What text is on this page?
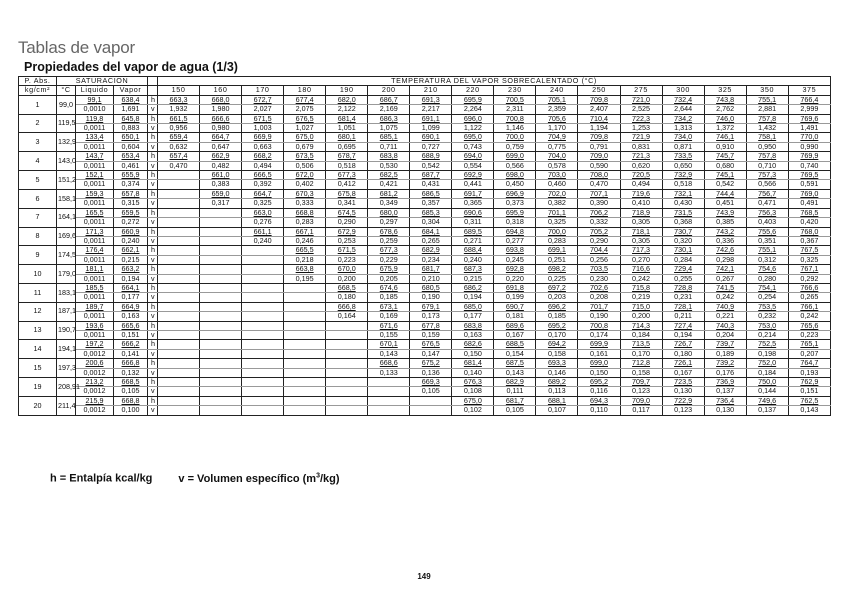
Tablas de vapor
Propiedades del vapor de agua (1/3)
P. Abs.	SATURACION				TEMPERATURA DEL VAPOR SOBRECALENTADO (°C)															
kg/cm²	°C	Liquido	Vapor		150	160	170	180	190	200	210	220	230	240	250	275	300	325	350	375
1	99,0	99,1	638,4	h	663,3	668,0	672,7	677,4	682,0	686,7	691,3	695,9	700,5	705,1	709,8	721,0	732,4	743,8	755,1	766,4
		0,0010	1,691	v	1,932	1,980	2,027	2,075	2,122	2,169	2,217	2,264	2,311	2,359	2,407	2,525	2,644	2,762	2,881	2,999
2	119,5	119,8	645,8	h	661,5	666,6	671,5	676,5	681,4	686,3	691,1	696,0	700,8	705,6	710,4	722,3	734,2	746,0	757,8	769,6
		0,0011	0,883	v	0,956	0,980	1,003	1,027	1,051	1,075	1,099	1,122	1,146	1,170	1,194	1,253	1,313	1,372	1,432	1,491
3	132,9	133,4	650,1	h	659,4	664,7	669,9	675,0	680,1	685,1	690,1	695,0	700,0	704,9	709,8	721,9	734,0	746,1	758,1	770,0
		0,0011	0,604	v	0,632	0,647	0,663	0,679	0,695	0,711	0,727	0,743	0,759	0,775	0,791	0,831	0,871	0,910	0,950	0,990
4	143,0	143,7	653,4	h	657,4	662,9	668,2	673,5	678,7	683,8	688,9	694,0	699,0	704,0	709,0	721,3	733,5	745,7	757,8	769,9
		0,0011	0,461	v	0,470	0,482	0,494	0,506	0,518	0,530	0,542	0,554	0,566	0,578	0,590	0,620	0,650	0,680	0,710	0,740
5	151,2	152,1	655,9	h		661,0	666,5	672,0	677,3	682,5	687,7	692,9	698,0	703,0	708,0	720,5	732,9	745,1	757,3	769,5
		0,0011	0,374	v		0,383	0,392	0,402	0,412	0,421	0,431	0,441	0,450	0,460	0,470	0,494	0,518	0,542	0,566	0,591
6	158,1	159,3	657,8	h		659,0	664,7	670,3	675,8	681,2	686,5	691,7	696,9	702,0	707,1	719,6	732,1	744,4	756,7	769,0
		0,0011	0,315	v		0,317	0,325	0,333	0,341	0,349	0,357	0,365	0,373	0,382	0,390	0,410	0,430	0,451	0,471	0,491
7	164,1	165,5	659,5	h			663,0	668,8	674,5	680,0	685,3	690,6	695,9	701,1	706,2	718,9	731,5	743,9	756,3	768,5
		0,0011	0,272	v			0,276	0,283	0,290	0,297	0,304	0,311	0,318	0,325	0,332	0,305	0,368	0,385	0,403	0,420
8	169,6	171,3	660,9	h			661,1	667,1	672,9	678,6	684,1	689,5	694,8	700,0	705,2	718,1	730,7	743,2	755,6	768,0
		0,0011	0,240	v			0,240	0,246	0,253	0,259	0,265	0,271	0,277	0,283	0,290	0,305	0,320	0,336	0,351	0,367
9	174,5	176,4	662,1	h				665,5	671,5	677,3	682,9	688,4	693,8	699,1	704,4	717,3	730,1	742,6	755,1	767,5
		0,0011	0,215	v				0,218	0,223	0,229	0,234	0,240	0,245	0,251	0,256	0,270	0,284	0,298	0,312	0,325
10	179,0	181,1	663,2	h				663,8	670,0	675,9	681,7	687,3	692,8	698,2	703,5	716,6	729,4	742,1	754,6	767,1
		0,0011	0,194	v				0,195	0,200	0,205	0,210	0,215	0,220	0,225	0,230	0,242	0,255	0,267	0,280	0,292
11	183,1	185,5	664,1	h					668,5	674,6	680,5	686,2	691,8	697,2	702,6	715,8	728,8	741,5	754,1	766,6
		0,0011	0,177	v					0,180	0,185	0,190	0,194	0,199	0,203	0,208	0,219	0,231	0,242	0,254	0,265
12	187,1	189,7	664,9	h					666,8	673,1	679,1	685,0	690,7	696,2	701,7	715,0	728,1	740,9	753,5	766,1
		0,0011	0,163	v					0,164	0,169	0,173	0,177	0,181	0,185	0,190	0,200	0,211	0,221	0,232	0,242
13	190,7	193,6	665,6	h						671,6	677,8	683,8	689,6	695,2	700,8	714,3	727,4	740,3	753,0	765,6
		0,0011	0,151	v						0,155	0,159	0,163	0,167	0,170	0,174	0,184	0,194	0,204	0,214	0,223
14	194,1	197,2	666,2	h						670,1	676,5	682,6	688,5	694,2	699,9	713,5	726,7	739,7	752,5	765,1
		0,0012	0,141	v						0,143	0,147	0,150	0,154	0,158	0,161	0,170	0,180	0,189	0,198	0,207
15	197,3	200,6	666,8	h						668,6	675,2	681,4	687,5	693,3	699,0	712,8	726,1	739,2	752,0	764,7
		0,0012	0,132	v						0,133	0,136	0,140	0,143	0,146	0,150	0,158	0,167	0,176	0,184	0,193
19	208,91	213,2	668,5	h							669,3	676,3	682,9	689,2	695,2	709,7	723,5	736,9	750,0	762,9
		0,0012	0,105	v							0,105	0,108	0,111	0,113	0,116	0,123	0,130	0,137	0,144	0,151
20	211,4	215,9	668,8	h								675,0	681,7	688,1	694,3	709,0	722,9	736,4	749,6	762,5
		0,0012	0,100	v								0,102	0,105	0,107	0,110	0,117	0,123	0,130	0,137	0,143
h = Entalpía kcal/kg v = Volumen específico $(m^3/kg)$
149
